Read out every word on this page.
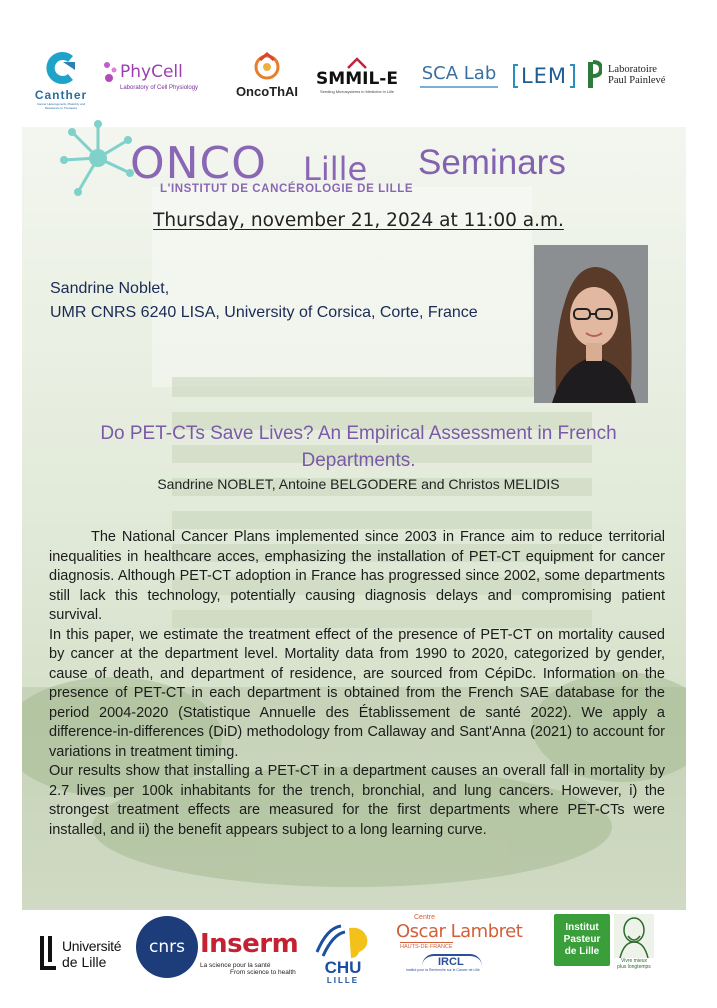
Canther
Cancer Heterogeneity, Plasticity and Resistance to Therapies
PhyCell
Laboratory of Cell Physiology	OncoThAI
SMMIL-E
Seeding Microsystems in Medicine in Lille
SCA Lab LEM	Laboratoire
Paul Painlevé
ONCO Lille
L'INSTITUT DE CANCÉROLOGIE DE LILLE
Seminars
Thursday, november 21, 2024 at 11:00 a.m.
Sandrine Noblet,
UMR CNRS 6240 LISA, University of Corsica, Corte, France
Do PET-CTs Save Lives? An Empirical Assessment in French
Departments.
Sandrine NOBLET, Antoine BELGODERE and Christos MELIDIS

The National Cancer Plans implemented since 2003 in France aim to reduce territorial inequalities in healthcare acces, emphasizing the installation of PET-CT equipment for cancer diagnosis. Although PET-CT adoption in France has progressed since 2002, some departments still lack this technology, potentially causing diagnosis delays and compromising patient survival.

In this paper, we estimate the treatment effect of the presence of PET-CT on mortality caused by cancer at the department level. Mortality data from 1990 to 2020, categorized by gender, cause of death, and department of residence, are sourced from CépiDc. Information on the presence of PET-CT in each department is obtained from the French SAE database for the period 2004-2020 (Statistique Annuelle des Établissement de santé 2022). We apply a difference-in-differences (DiD) methodology from Callaway and Sant'Anna (2021) to account for variations in treatment timing.

Our results show that installing a PET-CT in a department causes an overall fall in mortality by 2.7 lives per 100k inhabitants for the trench, bronchial, and lung cancers. However, i) the strongest treatment effects are measured for the first departments where PET-CTs were installed, and ii) the benefit appears subject to a long learning curve.

Université
de Lille
cnrs Inserm
La science pour la santé
From science to health CHU
LILLE
Centre
Oscar Lambret
HAUTS-DE-FRANCE
IRCL
Institut pour la Recherche sur le Cancer de Lille
Institut
Pasteur
de Lille
Vivre mieux
plus longtemps
